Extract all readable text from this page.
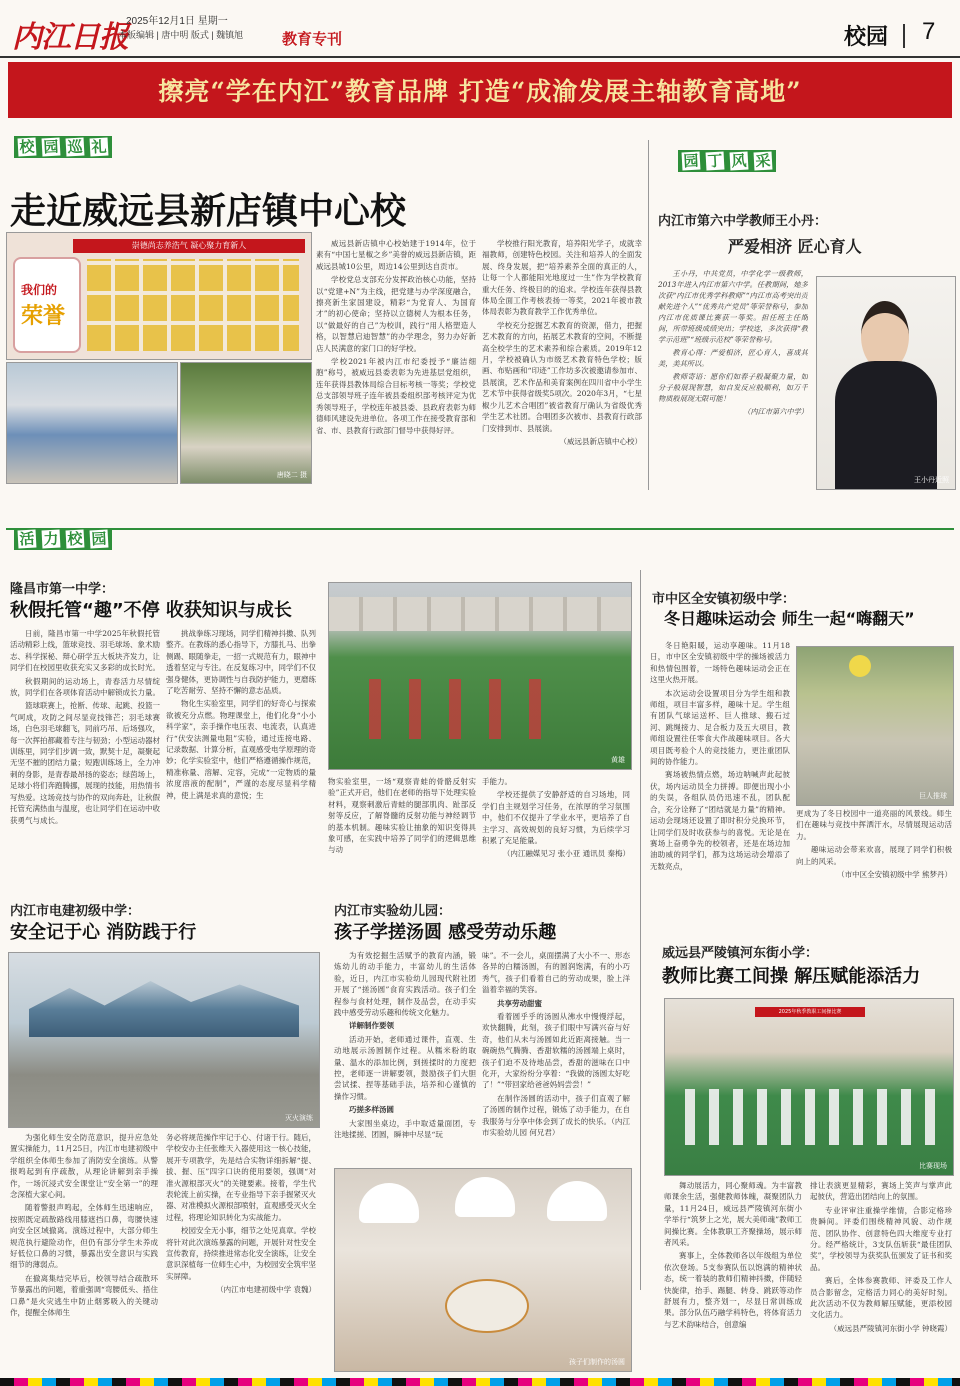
内江日报
2025年12月1日 星期一
本版编辑 | 唐中明 版式 | 魏镇旭	教育专刊	校园 7
擦亮“学在内江”教育品牌 打造“成渝发展主轴教育高地”
校 园 巡 礼
走近威远县新店镇中心校
崇德尚志养浩气 凝心聚力育新人
我们的
荣誉
唐晓二 摄

威远县新店镇中心校始建于1914年，位于素有“中国七星椒之乡”美誉的威远县新店镇，距威远县城10公里，周边14公里到达自贡市。

学校党总支部充分发挥政治核心功能，坚持以“党建+N”为主线，把党建与办学深度融合，擦亮新生家国建设，精彩“为党育人、为国育才”的初心使命；坚持以立德树人为根本任务，以“做最好的自己”为校训，践行“用人格塑造人格，以智慧启迪智慧”的办学理念，努力办好新店人民满意的家门口的好学校。

学校2021年被内江市纪委授予“廉洁细胞”称号，被威远县委表彰为先进基层党组织，连年获得县教体局综合目标考核一等奖；学校党总支部领导班子连年被县委组织部考核评定为优秀领导班子，学校连年被县委、县政府表彰为师德师风建设先进单位。各项工作在接受教育部和省、市、县教育行政部门督导中获得好评。

学校推行阳光教育，培养阳光学子，成就幸福教师，创建特色校园。关注和培养人的全面发展、终身发展，把“培养素养全面的真正的人，让每一个人都能阳光地度过一生”作为学校教育重大任务、终极目的的追求。学校连年获得县教体局全面工作考核表扬一等奖，2021年被市教体局表彰为教育教学工作优秀单位。

学校充分挖掘艺术教育的资源，借力，把握艺术教育的方向，拓展艺术教育的空间，不断提高全校学生的艺术素养和综合素质。2019年12月，学校被确认为市级艺术教育特色学校；版画、布贴画和“印迹”工作坊多次被邀请参加市、县展演，艺术作品和美育案例在四川省中小学生艺术节中获得省级奖5项次。2020年3月，“七星椒少儿艺术合唱团”被省教育厅确认为省级优秀学生艺术社团。合唱团多次被市、县教育行政部门安排到市、县展演。

（威远县新店镇中心校）

园 丁 风 采
内江市第六中学教师王小丹：
严爱相济 匠心育人

王小丹，中共党员，中学化学一级教师，2013年进入内江市第六中学。任教期间，她多次获“内江市优秀学科教师”“内江市高考突出贡献先进个人”“优秀共产党员”等荣誉称号，参加内江市优质课比赛获一等奖。担任班主任期间，所带班级成绩突出；学校连，多次获得“教学示范班”“班级示范校”等荣誉称号。

教育心得：严爱相济，匠心育人，喜成其美，美其所以。

教师寄语：愿你们如春子般凝聚力量，如分子般展现智慧，如自发反应般顺利，如万千物质般展现无限可能！

（内江市第六中学）

王小丹近照
活 力 校 园
隆昌市第一中学：
秋假托管“趣”不停 收获知识与成长

日前，隆昌市第一中学2025年秋假托管活动精彩上线，篮球竞技、羽毛球场、象术励志、科学探秘、辩心研学五大板块齐发力，让同学们在校园里收获充实又多彩的成长时光。

秋假期间的运动场上，青春活力尽情绽放，同学们在各项体育活动中解锁成长力量。

篮球联赛上，抢断、传球、起跳、投篮一气呵成，攻防之间尽显竞技锋芒；羽毛球赛场，白色羽毛球翻飞，同前巧吊、后场强攻，每一次挥拍都藏着专注与韧劲；小型运动器材训练里，同学们步调一致，默契十足，凝聚起无坚不摧的团结力量；短跑训练场上，全力冲刺的身影，是青春最昂扬的姿态；绿茵场上，足球小将们奔跑腾挪，展现的技能，用热情书写热爱。这场竞技与协作的双向奔赴，让秋假托管充满热血与温度，也让同学们在运动中收获勇气与成长。

挑战拳练习现场，同学们精神抖擞、队列整齐。在教练的悉心指导下，方膝扎马、出拳侧踢、眼随拳走，一招一式规范有力，眼神中透着坚定与专注。在反复练习中，同学们不仅强身健体，更协调性与自我防护能力，更磨练了吃苦耐劳、坚持不懈的意志品质。

物化生实验室里，同学们的好奇心与探索欲被充分点燃。物理课堂上，他们化身“小小科学家”，亲手操作电压表、电流表，认真进行“伏安法测量电阻”实验，通过连接电路、记录数据、计算分析，直观感受电学原理的奇妙；化学实验室中，他们严格遵循操作规范，精准称量、溶解、定容，完成“一定物质的量浓度溶液的配制”，严谨的态度尽显科学精神，使上满是求真的意悦；生

黄雄

物实验室里，一场“观察青蛙的骨骼反射实验”正式开启，他们在老师的指导下处理实验材料，观察刺激后青蛙的腿部肌肉、趾部反射等反应，了解脊髓的反射功能与神经调节的基本机制。趣味实验让抽象的知识变得具象可感，在实践中培养了同学们的逻辑思维与动

手能力。

学校还提供了安静舒适的自习场地，同学们自主规划学习任务，在浓厚的学习氛围中，他们不仅提升了学业水平，更培养了自主学习、高效规划的良好习惯，为后续学习积累了充足能量。

（内江融媒见习 张小亚 通讯员 秦梅）

市中区全安镇初级中学：
冬日趣味运动会 师生一起“嗨翻天”

冬日艳阳暖，运动享趣味。11月18日，市中区全安镇初级中学的操场被活力和热情包围着，一场特色趣味运动会正在这里火热开展。

本次运动会设置项目分为学生组和教师组，项目丰富多样，趣味十足。学生组有团队气球运送杯、巨人推球、搬石过河、跳绳接力、足合板力及五大项目，教师组设置往任零食大作战趣味项目。各大项目既考验个人的竞技能力，更注重团队间的协作能力。

赛场被热情点燃，场边呐喊声此起彼伏，场内运动员全力拼搏。即便出现小小的失误，各组队员仍迅速不乱，团队配合，充分诠释了“团结就是力量”的精神。运动会现场还设置了即时积分兑换环节，让同学们及时收获参与的喜悦。无论是在赛场上奋勇争先的校领者，还是在场边加油助威的同学们，都为这场运动会增添了无数亮点，

巨人推球

更成为了冬日校园中一道亮丽的风景线。师生们在趣味与竞技中挥洒汗水，尽情展现运动活力。

趣味运动会带来欢喜，展现了同学们积极向上的风采。

（市中区全安镇初级中学 熊梦丹）

内江市电建初级中学：
安全记于心 消防践于行
灭火演练

为强化师生安全防范意识，提升应急处置实操能力，11月25日，内江市电建初级中学组织全体师生参加了消防安全演练。从警报鸣起到有序疏散，从理论讲解到亲手操作，一场沉浸式安全课堂让“安全第一”的理念深植大家心间。

随着警报声鸣起，全体师生迅速响应，按照既定疏散路线用膝遮挡口鼻，弯腰快速向安全区域撤离。演练过程中，大部分师生规范执行避险动作，但仍有部分学生未养成好低位口鼻的习惯，暴露出安全意识与实践细节的薄弱点。

在撤离集结完毕后，校领导结合疏散环节暴露出的问题，着重强调“弯腰低头、捂住口鼻”是火灾逃生中防止烟雾吸入的关键动作，提醒全体师生

务必将规范操作牢记于心、付诸于行。随后，学校安办主任张维天入器使用这一核心技能，展开专项教学，先是结合实物详细拆解“提、拔、握、压”四字口诀的使用要领，强调“对准火源根部灭火”的关键要素。接着，学生代表轮流上前实操，在专业指导下亲手握紧灭火器、对准模拟火源根部喷射，直观感受灭火全过程，将理论知识转化为实战能力。

校园安全无小事，细节之处见真章。学校将针对此次演练暴露的问题，开展针对性安全宣传教育，持续推进常态化安全演练，让安全意识深植每一位师生心中，为校园安全筑牢坚实屏障。

（内江市电建初级中学 袁魏）

内江市实验幼儿园：
孩子学搓汤圆 感受劳动乐趣

为有效挖掘生活赋予的教育内涵，锻炼幼儿的动手能力，丰富幼儿的生活体验，近日，内江市实验幼儿园现代附社团开展了“搓汤圆”食育实践活动。孩子们全程参与食材处理，制作及品尝，在动手实践中感受劳动乐趣和传统文化魅力。

详解制作要领

活动开始，老师通过课件，直观、生动地展示汤圆制作过程。从糯米粉的取量、温水的添加比例，到搓揉时的力度把控，老师逐一讲解要领，鼓励孩子们大胆尝试揉、捏等基础手法，培养和心谨慎的操作习惯。

巧搓多样汤圆

大家围坐桌边，手中取适量面团，专注地揉搓、团圆，瞬神中尽显“玩

味”。不一会儿，桌面摆满了大小不一、形态各异的白糯汤圆，有的圆润饱满，有的小巧秀气，孩子们看着自己的劳动成果，脸上洋溢着幸福的笑容。

共享劳动甜蜜

看着圆乎乎的汤圆从沸水中慢慢浮起，欢快翻腾，此刻，孩子们眼中写满兴奋与好奇，他们从未与汤圆如此近距离接触。当一碗碗热气腾腾、香甜软糯的汤圆端上桌时，孩子们迫不及待地品尝，香甜的滋味在口中化开，大家纷纷分享着：“我做的汤圆太好吃了！”“带回家给爸爸妈妈尝尝！”

在制作汤圆的活动中，孩子们直观了解了汤圆的制作过程，锻炼了动手能力，在自我服务与分享中体会到了成长的快乐。（内江市实验幼儿园 何兄君）

孩子们制作的汤圆
威远县严陵镇河东街小学：
教师比赛工间操 解压赋能添活力
2025年秋季教职工间操比赛
比赛现场

舞动展活力，同心聚师魂。为丰富教师课余生活，强健教师体魄，凝聚团队力量，11月24日，威远县严陵镇河东街小学举行“筑梦上之光，展大美师魂”教师工间操比赛。全体教职工齐聚操场，展示师者风采。

赛事上，全体教师各以年级组为单位依次登场。5支参赛队伍以饱满的精神状态，统一着装的教师们精神抖擞，伴随轻快旋律，抬手、踢腿、转身、跳跃等动作舒展有力，整齐划一，尽显日常训练成果。部分队伍巧融学科特色，将体育活力与艺术韵味结合，创意编

排让表演更显精彩，赛场上笑声与掌声此起彼伏，营造出团结向上的氛围。

专业评审注重操学维情，合影定格珍贵瞬间。评委们围绕精神风貌、动作规范、团队协作、创意特色四大维度专业打分。经严格统计，3支队伍斩获“最佳团队奖”，学校领导为获奖队伍颁发了证书和奖品。

赛后，全体参赛教师、评委及工作人员合影留念，定格活力同心的美好时刻。此次活动不仅为教师解压赋能，更添校园文化活力。

（威远县严陵镇河东街小学 钟晓霞）
